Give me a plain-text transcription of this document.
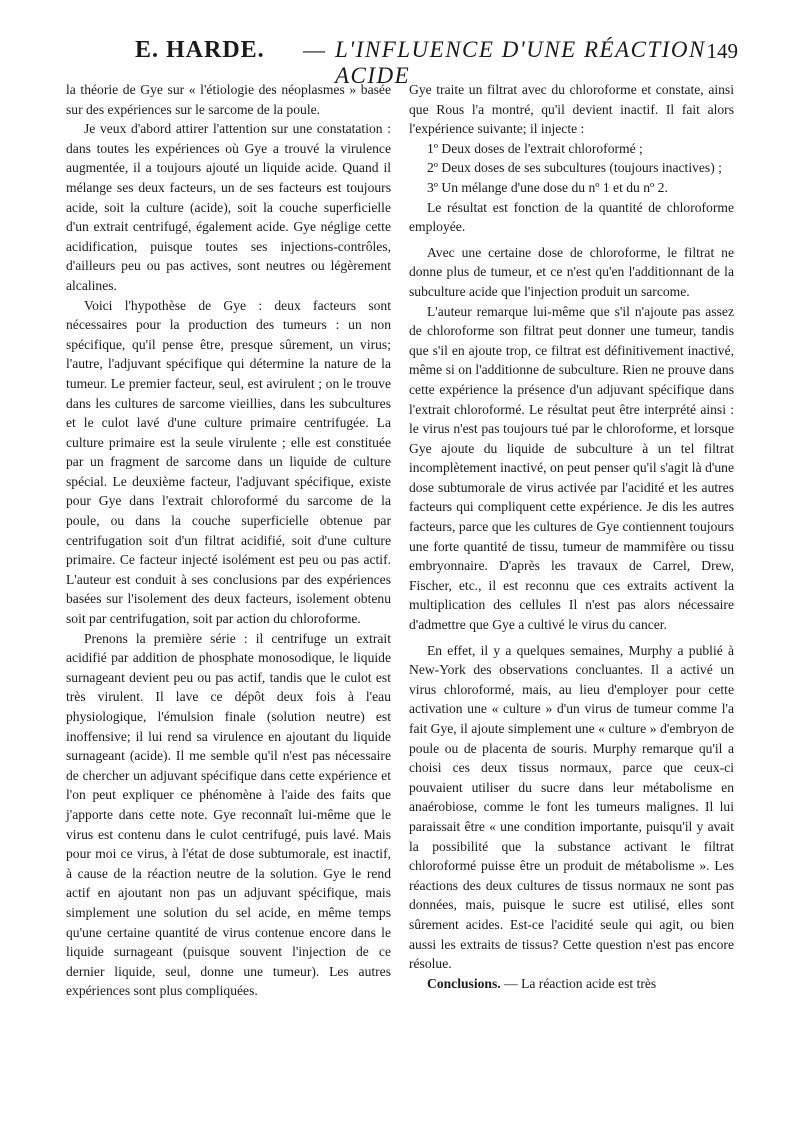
E. HARDE. — L'INFLUENCE D'UNE RÉACTION ACIDE
149

la théorie de Gye sur « l'étiologie des néoplasmes » basée sur des expériences sur le sarcome de la poule.

Je veux d'abord attirer l'attention sur une constatation : dans toutes les expériences où Gye a trouvé la virulence augmentée, il a toujours ajouté un liquide acide. Quand il mélange ses deux facteurs, un de ses facteurs est toujours acide, soit la culture (acide), soit la couche superficielle d'un extrait centrifugé, également acide. Gye néglige cette acidification, puisque toutes ses injections-contrôles, d'ailleurs peu ou pas actives, sont neutres ou légèrement alcalines.

Voici l'hypothèse de Gye : deux facteurs sont nécessaires pour la production des tumeurs : un non spécifique, qu'il pense être, presque sûrement, un virus; l'autre, l'adjuvant spécifique qui détermine la nature de la tumeur. Le premier facteur, seul, est avirulent ; on le trouve dans les cultures de sarcome vieillies, dans les subcultures et le culot lavé d'une culture primaire centrifugée. La culture primaire est la seule virulente ; elle est constituée par un fragment de sarcome dans un liquide de culture spécial. Le deuxième facteur, l'adjuvant spécifique, existe pour Gye dans l'extrait chloroformé du sarcome de la poule, ou dans la couche superficielle obtenue par centrifugation soit d'un filtrat acidifié, soit d'une culture primaire. Ce facteur injecté isolément est peu ou pas actif. L'auteur est conduit à ses conclusions par des expériences basées sur l'isolement des deux facteurs, isolement obtenu soit par centrifugation, soit par action du chloroforme.

Prenons la première série : il centrifuge un extrait acidifié par addition de phosphate monosodique, le liquide surnageant devient peu ou pas actif, tandis que le culot est très virulent. Il lave ce dépôt deux fois à l'eau physiologique, l'émulsion finale (solution neutre) est inoffensive; il lui rend sa virulence en ajoutant du liquide surnageant (acide). Il me semble qu'il n'est pas nécessaire de chercher un adjuvant spécifique dans cette expérience et l'on peut expliquer ce phénomène à l'aide des faits que j'apporte dans cette note. Gye reconnaît lui-même que le virus est contenu dans le culot centrifugé, puis lavé. Mais pour moi ce virus, à l'état de dose subtumorale, est inactif, à cause de la réaction neutre de la solution. Gye le rend actif en ajoutant non pas un adjuvant spécifique, mais simplement une solution du sel acide, en même temps qu'une certaine quantité de virus contenue encore dans le liquide surnageant (puisque souvent l'injection de ce dernier liquide, seul, donne une tumeur). Les autres expériences sont plus compliquées.

Gye traite un filtrat avec du chloroforme et constate, ainsi que Rous l'a montré, qu'il devient inactif. Il fait alors l'expérience suivante; il injecte :

1º Deux doses de l'extrait chloroformé ;

2º Deux doses de ses subcultures (toujours inactives) ;

3º Un mélange d'une dose du nº 1 et du nº 2.

Le résultat est fonction de la quantité de chloroforme employée.

Avec une certaine dose de chloroforme, le filtrat ne donne plus de tumeur, et ce n'est qu'en l'additionnant de la subculture acide que l'injection produit un sarcome.

L'auteur remarque lui-même que s'il n'ajoute pas assez de chloroforme son filtrat peut donner une tumeur, tandis que s'il en ajoute trop, ce filtrat est définitivement inactivé, même si on l'additionne de subculture. Rien ne prouve dans cette expérience la présence d'un adjuvant spécifique dans l'extrait chloroformé. Le résultat peut être interprété ainsi : le virus n'est pas toujours tué par le chloroforme, et lorsque Gye ajoute du liquide de subculture à un tel filtrat incomplètement inactivé, on peut penser qu'il s'agit là d'une dose subtumorale de virus activée par l'acidité et les autres facteurs qui compliquent cette expérience. Je dis les autres facteurs, parce que les cultures de Gye contiennent toujours une forte quantité de tissu, tumeur de mammifère ou tissu embryonnaire. D'après les travaux de Carrel, Drew, Fischer, etc., il est reconnu que ces extraits activent la multiplication des cellules Il n'est pas alors nécessaire d'admettre que Gye a cultivé le virus du cancer.

En effet, il y a quelques semaines, Murphy a publié à New-York des observations concluantes. Il a activé un virus chloroformé, mais, au lieu d'employer pour cette activation une « culture » d'un virus de tumeur comme l'a fait Gye, il ajoute simplement une « culture » d'embryon de poule ou de placenta de souris. Murphy remarque qu'il a choisi ces deux tissus normaux, parce que ceux-ci pouvaient utiliser du sucre dans leur métabolisme en anaérobiose, comme le font les tumeurs malignes. Il lui paraissait être « une condition importante, puisqu'il y avait la possibilité que la substance activant le filtrat chloroformé puisse être un produit de métabolisme ». Les réactions des deux cultures de tissus normaux ne sont pas données, mais, puisque le sucre est utilisé, elles sont sûrement acides. Est-ce l'acidité seule qui agit, ou bien aussi les extraits de tissus? Cette question n'est pas encore résolue.

Conclusions. — La réaction acide est très
